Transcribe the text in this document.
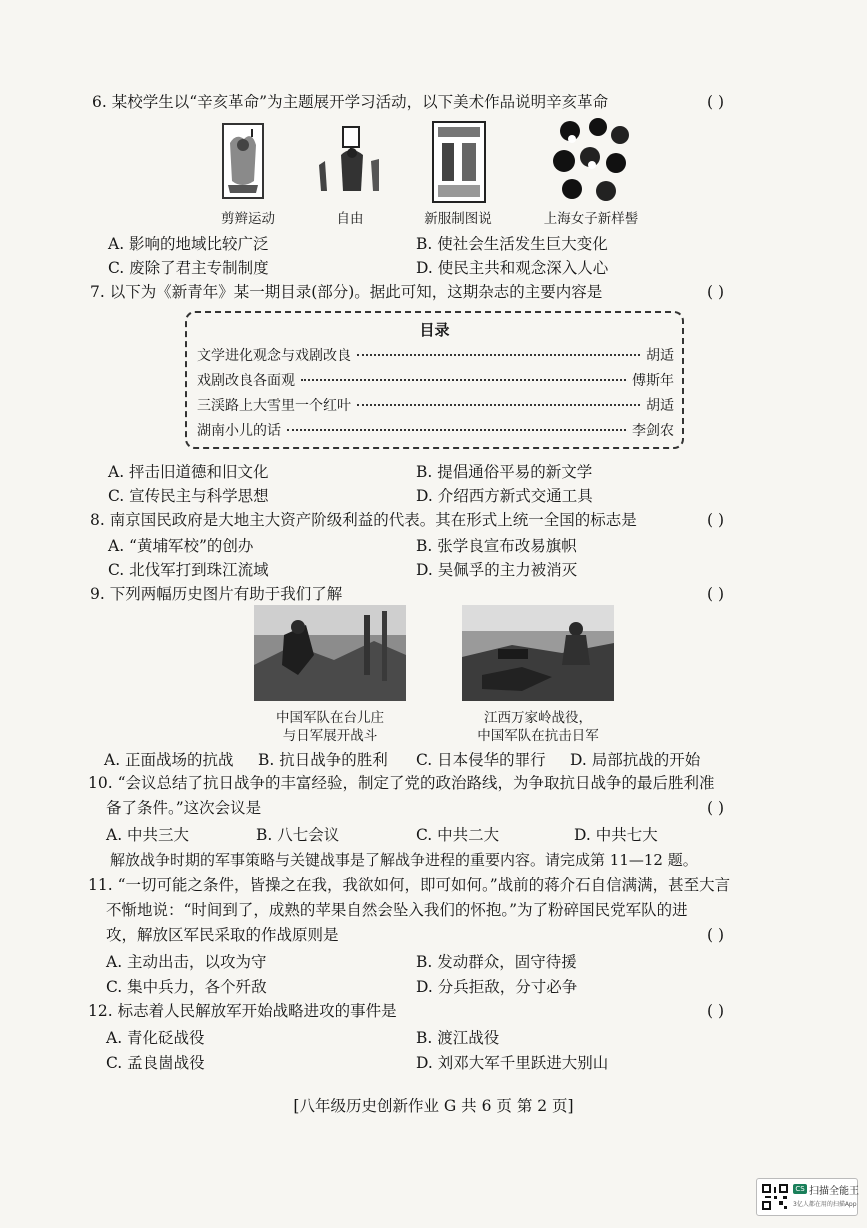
6. 某校学生以“辛亥革命”为主题展开学习活动，以下美术作品说明辛亥革命	( )
剪辫运动	自由	新服制图说	上海女子新样髻
A. 影响的地域比较广泛	B. 使社会生活发生巨大变化
C. 废除了君主专制制度	D. 使民主共和观念深入人心
7. 以下为《新青年》某一期目录(部分)。据此可知，这期杂志的主要内容是	( )
目录
文学进化观念与戏剧改良	胡适
戏剧改良各面观	傅斯年
三渓路上大雪里一个红叶	胡适
湖南小儿的话	李剑农
A. 抨击旧道德和旧文化	B. 提倡通俗平易的新文学
C. 宣传民主与科学思想	D. 介绍西方新式交通工具
8. 南京国民政府是大地主大资产阶级利益的代表。其在形式上统一全国的标志是	( )
A. “黄埔军校”的创办	B. 张学良宣布改易旗帜
C. 北伐军打到珠江流域	D. 吴佩孚的主力被消灭
9. 下列两幅历史图片有助于我们了解	( )
中国军队在台儿庄
与日军展开战斗
江西万家岭战役，
中国军队在抗击日军
A. 正面战场的抗战 B. 抗日战争的胜利 C. 日本侵华的罪行 D. 局部抗战的开始
10. “会议总结了抗日战争的丰富经验，制定了党的政治路线，为争取抗日战争的最后胜利准
备了条件。”这次会议是	( )
A. 中共三大	B. 八七会议	C. 中共二大	D. 中共七大
解放战争时期的军事策略与关键战事是了解战争进程的重要内容。请完成第 11—12 题。
11. “一切可能之条件，皆操之在我，我欲如何，即可如何。”战前的蒋介石自信满满，甚至大言
不惭地说：“时间到了，成熟的苹果自然会坠入我们的怀抱。”为了粉碎国民党军队的进
攻，解放区军民采取的作战原则是	( )
A. 主动出击，以攻为守	B. 发动群众，固守待援
C. 集中兵力，各个歼敌	D. 分兵拒敌，分寸必争
12. 标志着人民解放军开始战略进攻的事件是	( )
A. 青化砭战役	B. 渡江战役
C. 孟良崮战役	D. 刘邓大军千里跃进大别山
[八年级历史创新作业 G 共 6 页 第 2 页]
CS 扫描全能王
3亿人都在用的扫描App
